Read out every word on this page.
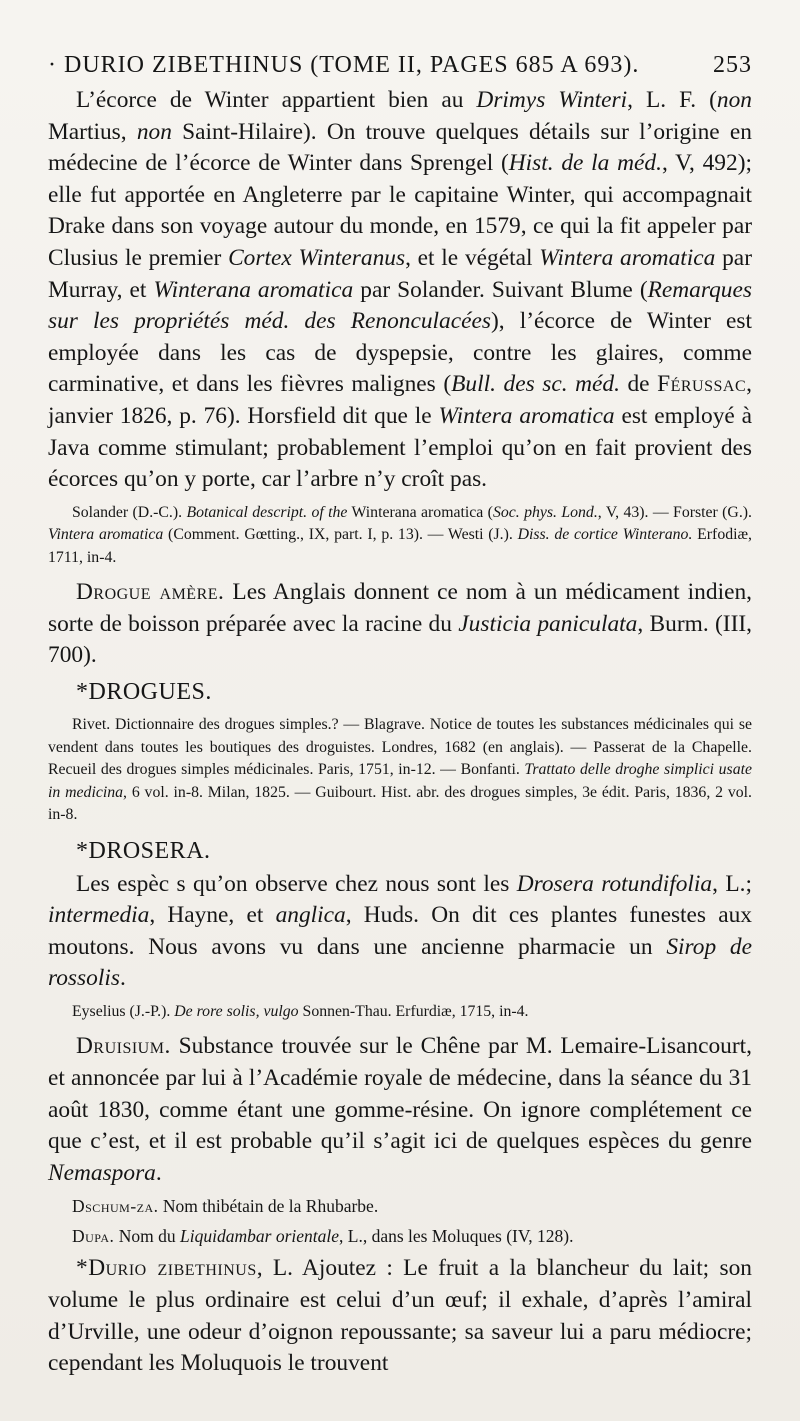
· DURIO ZIBETHINUS (TOME II, PAGES 685 A 693).	253

L’écorce de Winter appartient bien au Drimys Winteri, L. F. (non Martius, non Saint-Hilaire). On trouve quelques détails sur l’origine en médecine de l’écorce de Winter dans Sprengel (Hist. de la méd., V, 492); elle fut apportée en Angleterre par le capitaine Winter, qui accompagnait Drake dans son voyage autour du monde, en 1579, ce qui la fit appeler par Clusius le premier Cortex Winteranus, et le végétal Wintera aromatica par Murray, et Winterana aromatica par Solander. Suivant Blume (Remarques sur les propriétés méd. des Renonculacées), l’écorce de Winter est employée dans les cas de dyspepsie, contre les glaires, comme carminative, et dans les fièvres malignes (Bull. des sc. méd. de Férussac, janvier 1826, p. 76). Horsfield dit que le Wintera aromatica est employé à Java comme stimulant; probablement l’emploi qu’on en fait provient des écorces qu’on y porte, car l’arbre n’y croît pas.

Solander (D.-C.). Botanical descript. of the Winterana aromatica (Soc. phys. Lond., V, 43). — Forster (G.). Vintera aromatica (Comment. Gœtting., IX, part. I, p. 13). — Westi (J.). Diss. de cortice Winterano. Erfodiæ, 1711, in-4.

Drogue amère. Les Anglais donnent ce nom à un médicament indien, sorte de boisson préparée avec la racine du Justicia paniculata, Burm. (III, 700).

*DROGUES.

Rivet. Dictionnaire des drogues simples.? — Blagrave. Notice de toutes les substances médicinales qui se vendent dans toutes les boutiques des droguistes. Londres, 1682 (en anglais). — Passerat de la Chapelle. Recueil des drogues simples médicinales. Paris, 1751, in-12. — Bonfanti. Trattato delle droghe simplici usate in medicina, 6 vol. in-8. Milan, 1825. — Guibourt. Hist. abr. des drogues simples, 3e édit. Paris, 1836, 2 vol. in-8.

*DROSERA.

Les espèc s qu’on observe chez nous sont les Drosera rotundifolia, L.; intermedia, Hayne, et anglica, Huds. On dit ces plantes funestes aux moutons. Nous avons vu dans une ancienne pharmacie un Sirop de rossolis.

Eyselius (J.-P.). De rore solis, vulgo Sonnen-Thau. Erfurdiæ, 1715, in-4.

Druisium. Substance trouvée sur le Chêne par M. Lemaire-Lisancourt, et annoncée par lui à l’Académie royale de médecine, dans la séance du 31 août 1830, comme étant une gomme-résine. On ignore complétement ce que c’est, et il est probable qu’il s’agit ici de quelques espèces du genre Nemaspora.

Dschum-za. Nom thibétain de la Rhubarbe.

Dupa. Nom du Liquidambar orientale, L., dans les Moluques (IV, 128).

*Durio zibethinus, L. Ajoutez : Le fruit a la blancheur du lait; son volume le plus ordinaire est celui d’un œuf; il exhale, d’après l’amiral d’Urville, une odeur d’oignon repoussante; sa saveur lui a paru médiocre; cependant les Moluquois le trouvent
